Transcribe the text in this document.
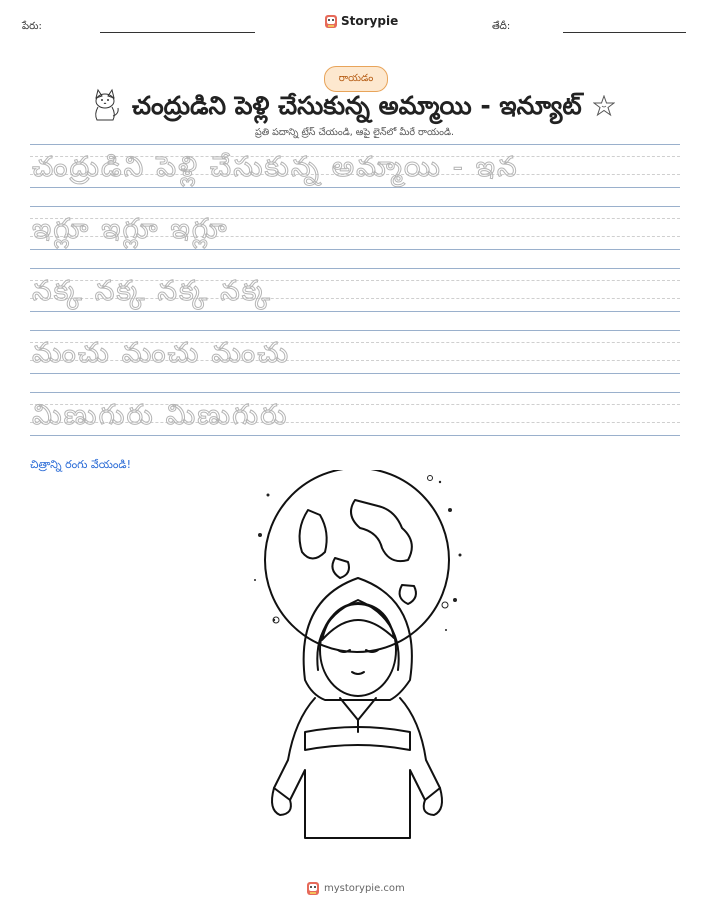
పేరు:	Storypie	తేదీ:
రాయడం
చంద్రుడిని పెళ్లి చేసుకున్న అమ్మాయి - ఇన్యూట్
ప్రతి పదాన్ని ట్రేస్ చేయండి, ఆపై లైన్‌లో మీరే రాయండి.
చంద్రుడిని పెళ్లి చేసుకున్న అమ్మాయి - ఇన
ఇగ్లూ ఇగ్లూ ఇగ్లూ
నక్క నక్క నక్క నక్క
మంచు మంచు మంచు
మిణుగురు మిణుగురు
చిత్రాన్ని రంగు వేయండి!
mystorypie.com
